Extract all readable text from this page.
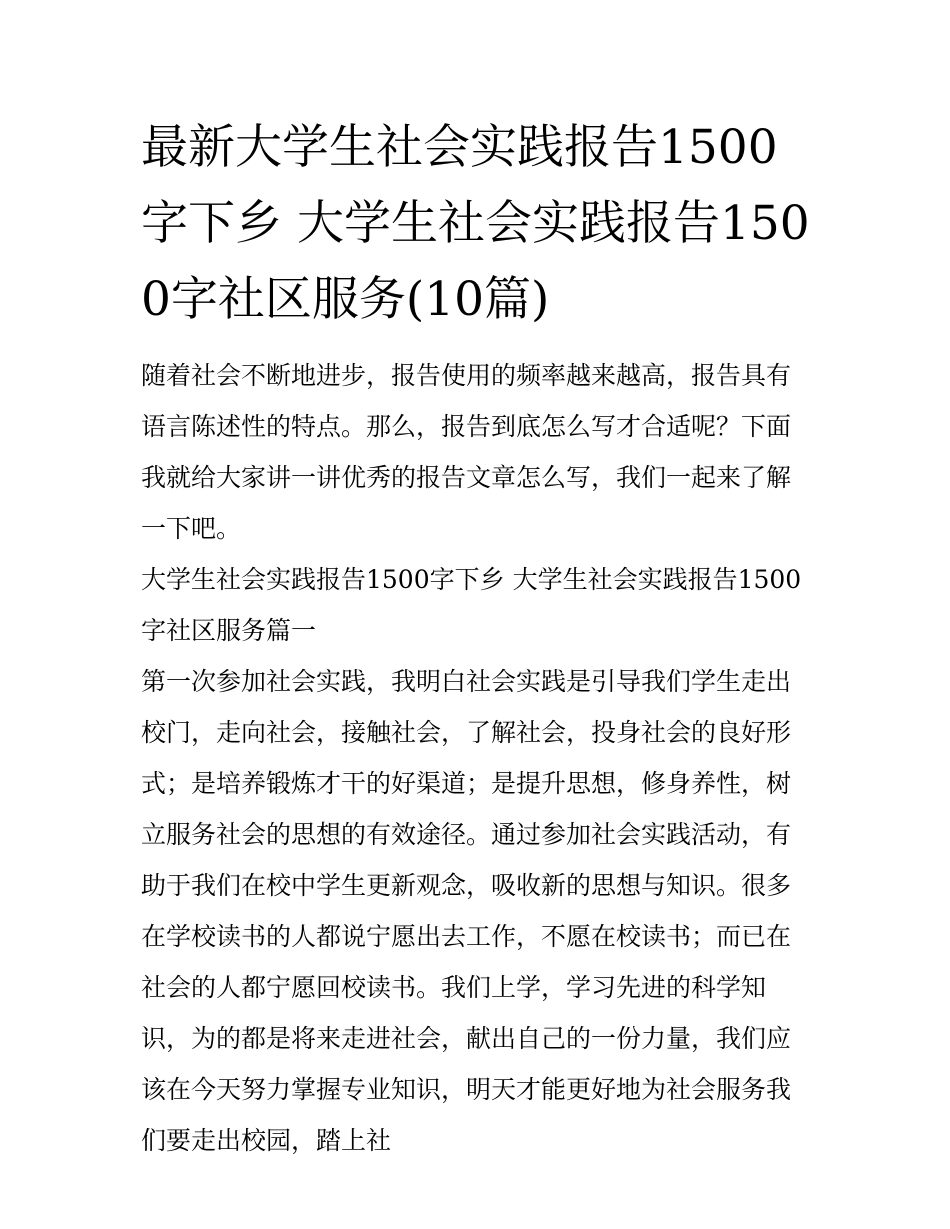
最新大学生社会实践报告1500字下乡 大学生社会实践报告1500字社区服务(10篇)

随着社会不断地进步，报告使用的频率越来越高，报告具有语言陈述性的特点。那么，报告到底怎么写才合适呢？下面我就给大家讲一讲优秀的报告文章怎么写，我们一起来了解一下吧。

大学生社会实践报告1500字下乡 大学生社会实践报告1500字社区服务篇一

第一次参加社会实践，我明白社会实践是引导我们学生走出校门，走向社会，接触社会，了解社会，投身社会的良好形式；是培养锻炼才干的好渠道；是提升思想，修身养性，树立服务社会的思想的有效途径。通过参加社会实践活动，有助于我们在校中学生更新观念，吸收新的思想与知识。很多在学校读书的人都说宁愿出去工作，不愿在校读书；而已在社会的人都宁愿回校读书。我们上学，学习先进的科学知识，为的都是将来走进社会，献出自己的一份力量，我们应该在今天努力掌握专业知识，明天才能更好地为社会服务我们要走出校园，踏上社
